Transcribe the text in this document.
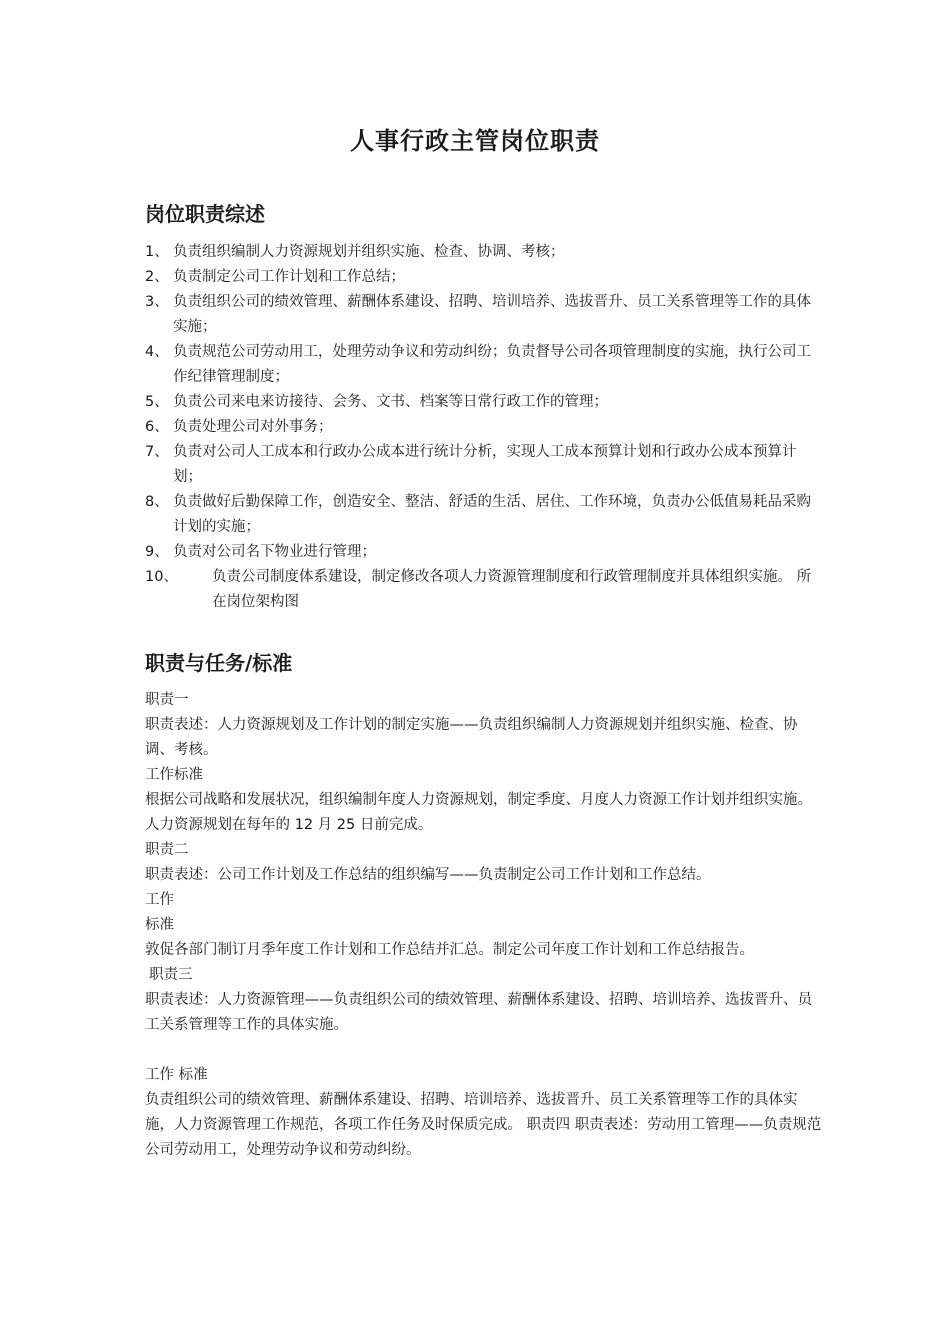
人事行政主管岗位职责
岗位职责综述
1、 负责组织编制人力资源规划并组织实施、检查、协调、考核；
2、 负责制定公司工作计划和工作总结；
3、 负责组织公司的绩效管理、薪酬体系建设、招聘、培训培养、选拔晋升、员工关系管理等工作的具体实施；
4、 负责规范公司劳动用工，处理劳动争议和劳动纠纷；负责督导公司各项管理制度的实施，执行公司工作纪律管理制度；
5、 负责公司来电来访接待、会务、文书、档案等日常行政工作的管理；
6、 负责处理公司对外事务；
7、 负责对公司人工成本和行政办公成本进行统计分析，实现人工成本预算计划和行政办公成本预算计划；
8、 负责做好后勤保障工作，创造安全、整洁、舒适的生活、居住、工作环境，负责办公低值易耗品采购计划的实施；
9、 负责对公司名下物业进行管理；
10、 负责公司制度体系建设，制定修改各项人力资源管理制度和行政管理制度并具体组织实施。 所在岗位架构图
职责与任务/标准

职责一

职责表述：人力资源规划及工作计划的制定实施——负责组织编制人力资源规划并组织实施、检查、协调、考核。

工作标准

根据公司战略和发展状况，组织编制年度人力资源规划，制定季度、月度人力资源工作计划并组织实施。人力资源规划在每年的 12 月 25 日前完成。

职责二

职责表述：公司工作计划及工作总结的组织编写——负责制定公司工作计划和工作总结。

工作

标准

敦促各部门制订月季年度工作计划和工作总结并汇总。制定公司年度工作计划和工作总结报告。

职责三

职责表述：人力资源管理——负责组织公司的绩效管理、薪酬体系建设、招聘、培训培养、选拔晋升、员工关系管理等工作的具体实施。

工作 标准

负责组织公司的绩效管理、薪酬体系建设、招聘、培训培养、选拔晋升、员工关系管理等工作的具体实施，人力资源管理工作规范，各项工作任务及时保质完成。 职责四 职责表述：劳动用工管理——负责规范公司劳动用工，处理劳动争议和劳动纠纷。
